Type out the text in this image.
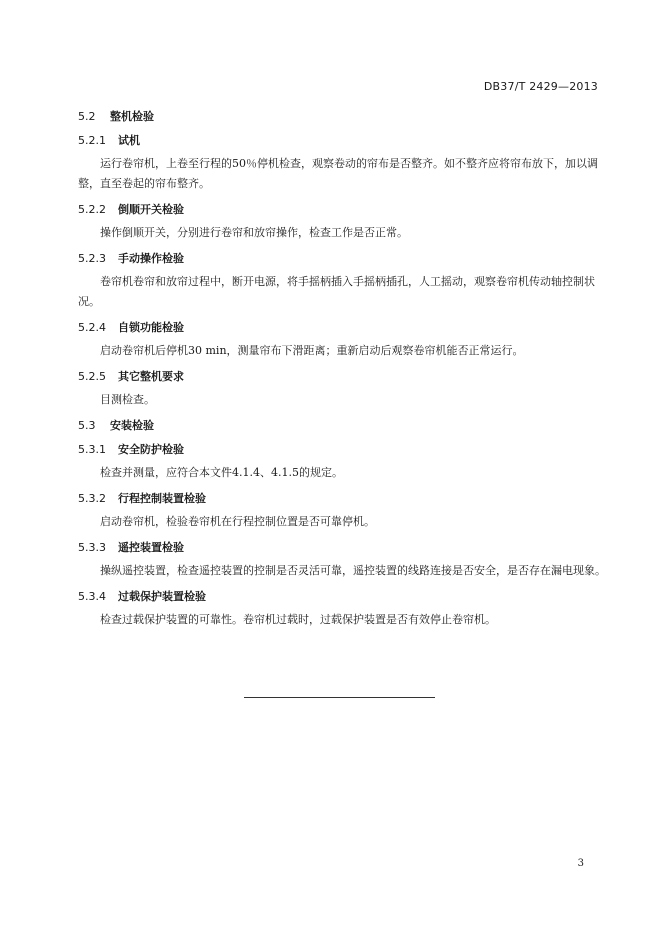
DB37/T 2429—2013
5.2	整机检验
5.2.1	试机

运行卷帘机，上卷至行程的50％停机检查，观察卷动的帘布是否整齐。如不整齐应将帘布放下，加以调整，直至卷起的帘布整齐。

5.2.2	倒顺开关检验

操作倒顺开关，分别进行卷帘和放帘操作，检查工作是否正常。

5.2.3	手动操作检验

卷帘机卷帘和放帘过程中，断开电源，将手摇柄插入手摇柄插孔，人工摇动，观察卷帘机传动轴控制状况。

5.2.4	自锁功能检验

启动卷帘机后停机30 min，测量帘布下滑距离；重新启动后观察卷帘机能否正常运行。

5.2.5	其它整机要求

目测检查。

5.3	安装检验
5.3.1	安全防护检验

检查并测量，应符合本文件4.1.4、4.1.5的规定。

5.3.2	行程控制装置检验

启动卷帘机，检验卷帘机在行程控制位置是否可靠停机。

5.3.3	遥控装置检验

操纵遥控装置，检查遥控装置的控制是否灵活可靠，遥控装置的线路连接是否安全，是否存在漏电现象。

5.3.4	过载保护装置检验

检查过载保护装置的可靠性。卷帘机过载时，过载保护装置是否有效停止卷帘机。

3
